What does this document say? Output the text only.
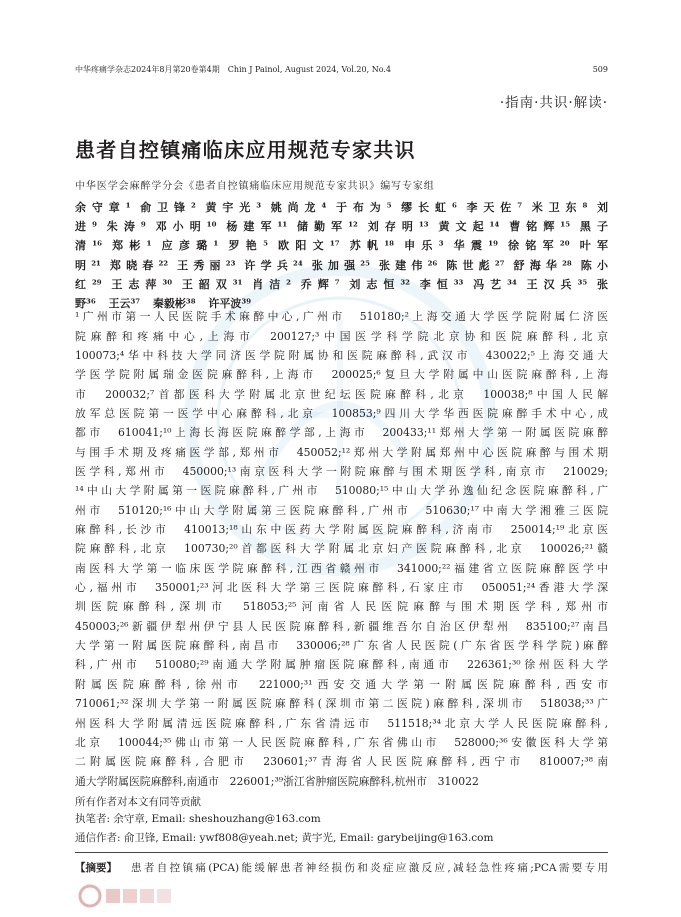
中华疼痛学杂志2024年8月第20卷第4期　Chin J Painol, August 2024, Vol.20, No.4	509
·指南·共识·解读·
患者自控镇痛临床应用规范专家共识
中华医学会麻醉学分会《患者自控镇痛临床应用规范专家共识》编写专家组
余守章¹ 俞卫锋² 黄宇光³ 姚尚龙⁴ 于布为⁵ 缪长虹⁶ 李天佐⁷ 米卫东⁸ 刘
进⁹ 朱涛⁹ 邓小明¹⁰ 杨建军¹¹ 储勤军¹² 刘存明¹³ 黄文起¹⁴ 曹铭辉¹⁵ 黑子
清¹⁶ 郑彬¹ 应彦璐¹ 罗艳⁵ 欧阳文¹⁷ 苏帆¹⁸ 申乐³ 华震¹⁹ 徐铭军²⁰ 叶军
明²¹ 郑晓春²² 王秀丽²³ 许学兵²⁴ 张加强²⁵ 张建伟²⁶ 陈世彪²⁷ 舒海华²⁸ 陈小
红²⁹ 王志萍³⁰ 王韶双³¹ 肖洁² 乔辉⁷ 刘志恒³² 李恒³³ 冯艺³⁴ 王汉兵³⁵ 张
野³⁶ 王云³⁷ 秦毅彬³⁸ 许平波³⁹
¹广州市第一人民医院手术麻醉中心,广州市　510180;²上海交通大学医学院附属仁济医
院麻醉和疼痛中心,上海市　200127;³中国医学科学院北京协和医院麻醉科,北京
100073;⁴华中科技大学同济医学院附属协和医院麻醉科,武汉市　430022;⁵上海交通大
学医学院附属瑞金医院麻醉科,上海市　200025;⁶复旦大学附属中山医院麻醉科,上海
市　200032;⁷首都医科大学附属北京世纪坛医院麻醉科,北京　100038;⁸中国人民解
放军总医院第一医学中心麻醉科,北京　100853;⁹四川大学华西医院麻醉手术中心,成
都市　610041;¹⁰上海长海医院麻醉学部,上海市　200433;¹¹郑州大学第一附属医院麻醉
与围手术期及疼痛医学部,郑州市　450052;¹²郑州大学附属郑州中心医院麻醉与围术期
医学科,郑州市　450000;¹³南京医科大学一附院麻醉与围术期医学科,南京市　210029;
¹⁴中山大学附属第一医院麻醉科,广州市　510080;¹⁵中山大学孙逸仙纪念医院麻醉科,广
州市　510120;¹⁶中山大学附属第三医院麻醉科,广州市　510630;¹⁷中南大学湘雅三医院
麻醉科,长沙市　410013;¹⁸山东中医药大学附属医院麻醉科,济南市　250014;¹⁹北京医
院麻醉科,北京　100730;²⁰首都医科大学附属北京妇产医院麻醉科,北京　100026;²¹赣
南医科大学第一临床医学院麻醉科,江西省赣州市　341000;²²福建省立医院麻醉医学中
心,福州市　350001;²³河北医科大学第三医院麻醉科,石家庄市　050051;²⁴香港大学深
圳医院麻醉科,深圳市　518053;²⁵河南省人民医院麻醉与围术期医学科,郑州市
450003;²⁶新疆伊犁州伊宁县人民医院麻醉科,新疆维吾尔自治区伊犁州　835100;²⁷南昌
大学第一附属医院麻醉科,南昌市　330006;²⁸广东省人民医院(广东省医学科学院)麻醉
科,广州市　510080;²⁹南通大学附属肿瘤医院麻醉科,南通市　226361;³⁰徐州医科大学
附属医院麻醉科,徐州市　221000;³¹西安交通大学第一附属医院麻醉科,西安市
710061;³²深圳大学第一附属医院麻醉科(深圳市第二医院)麻醉科,深圳市　518038;³³广
州医科大学附属清远医院麻醉科,广东省清远市　511518;³⁴北京大学人民医院麻醉科,
北京　100044;³⁵佛山市第一人民医院麻醉科,广东省佛山市　528000;³⁶安徽医科大学第
二附属医院麻醉科,合肥市　230601;³⁷青海省人民医院麻醉科,西宁市　810007;³⁸南
通大学附属医院麻醉科,南通市　226001;³⁹浙江省肿瘤医院麻醉科,杭州市　310022
所有作者对本文有同等贡献
执笔者: 余守章, Email: sheshouzhang@163.com
通信作者: 俞卫锋, Email: ywf808@yeah.net; 黄宇光, Email: garybeijing@163.com
【摘要】 患者自控镇痛(PCA)能缓解患者神经损伤和炎症应激反应,减轻急性疼痛;PCA需要专用
